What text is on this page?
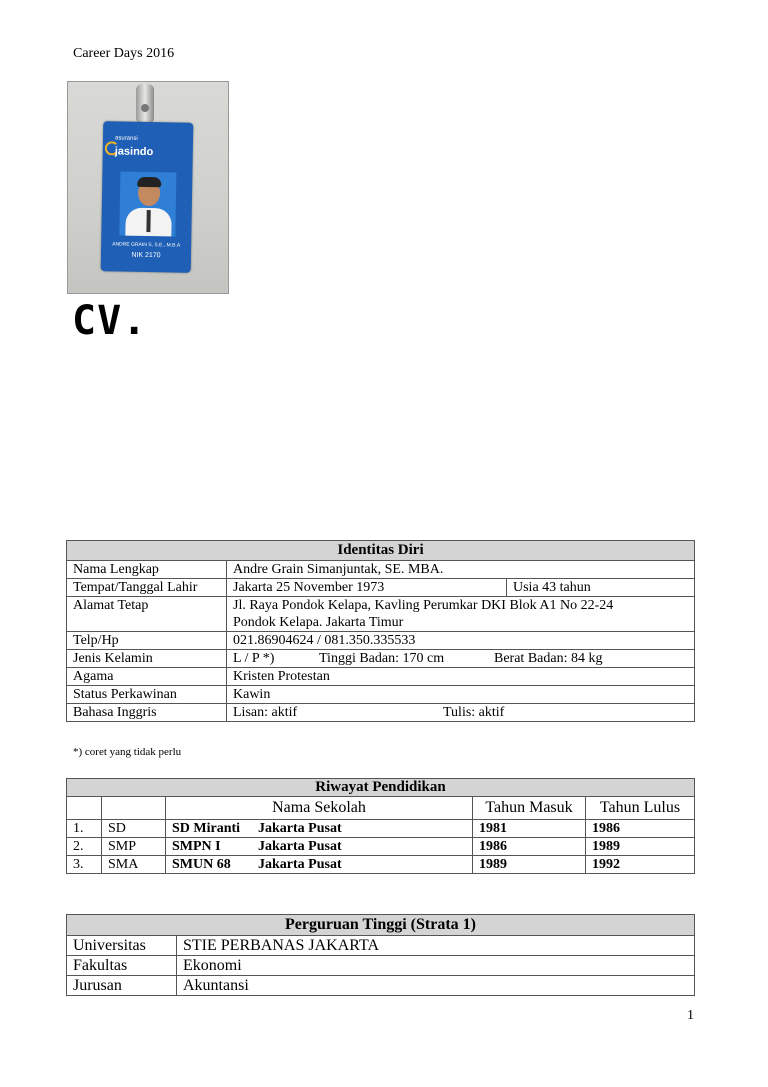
Career Days 2016
asuransi
jasindo
ANDRE GRAIN S, S.E., M.B.A
NIK 2170
CV.
Identitas Diri		
Nama Lengkap	Andre Grain Simanjuntak, SE. MBA.	
Tempat/Tanggal Lahir	Jakarta 25 November 1973	Usia 43 tahun
Alamat Tetap	Jl. Raya Pondok Kelapa, Kavling Perumkar DKI Blok A1 No 22-24
Pondok Kelapa. Jakarta Timur	

Telp/Hp	021.86904624 / 081.350.335533	
Jenis Kelamin	L / P *) Tinggi Badan: 170 cm Berat Badan: 84 kg	
Agama	Kristen Protestan	
Status Perkawinan	Kawin	
Bahasa Inggris	Lisan: aktif Tulis: aktif	
*) coret yang tidak perlu
Riwayat Pendidikan				
		Nama Sekolah	Tahun Masuk	Tahun Lulus
1.	SD	SD Miranti Jakarta Pusat	1981	1986
2.	SMP	SMPN I Jakarta Pusat	1986	1989
3.	SMA	SMUN 68 Jakarta Pusat	1989	1992
Perguruan Tinggi (Strata 1)	
Universitas	STIE PERBANAS JAKARTA
Fakultas	Ekonomi
Jurusan	Akuntansi
1
